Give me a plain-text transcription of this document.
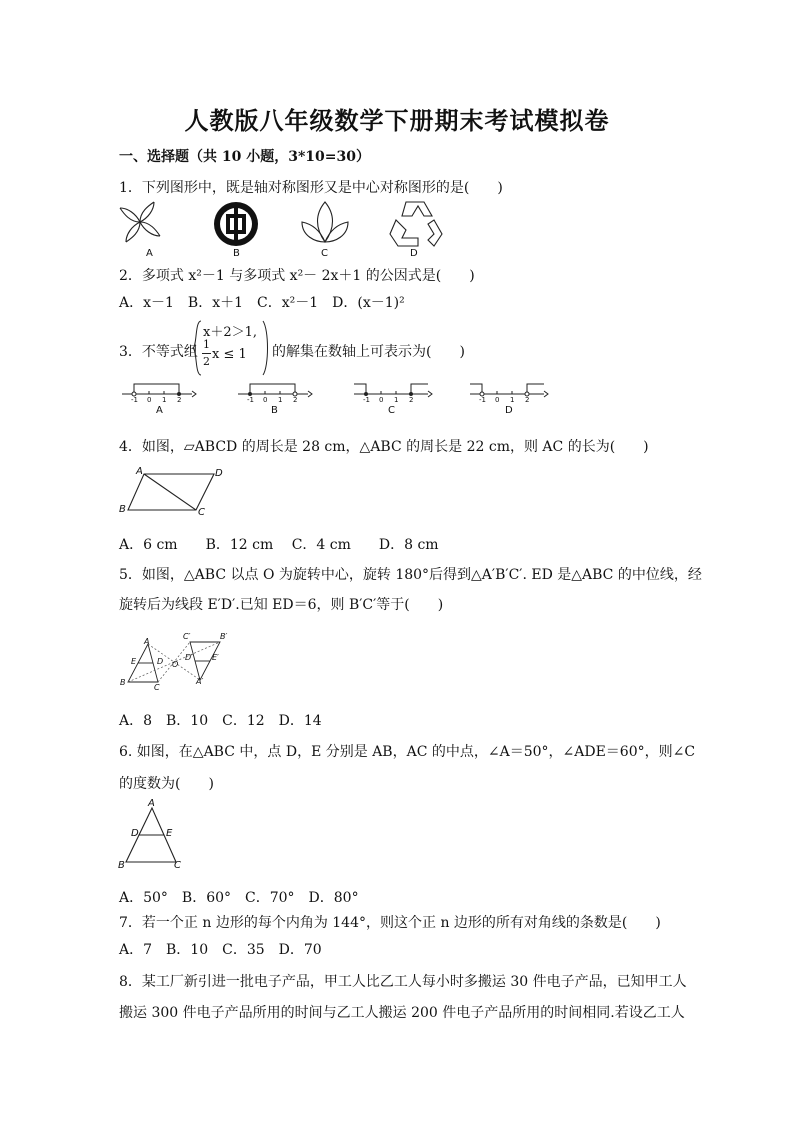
人教版八年级数学下册期末考试模拟卷
一、选择题（共 10 小题，3*10=30）
1．下列图形中，既是轴对称图形又是中心对称图形的是(　　)
A	B	C	D
2．多项式 x²－1 与多项式 x²－ 2x＋1 的公因式是(　　)
A．x－1　B．x＋1　C．x²－1　D．(x－1)²
3．不等式组
x＋2＞1,
1
2 x ≤ 1 的解集在数轴上可表示为(　　)
-1 0 1 2	-1 0 1 2	-1 0 1 2	-1 0 1 2
A	B	C	D
4．如图，▱ABCD 的周长是 28 cm，△ABC 的周长是 22 cm，则 AC 的长为(　　)
A	D
B	C
A．6 cm　　B．12 cm　 C．4 cm　　D．8 cm
5．如图，△ABC 以点 O 为旋转中心，旋转 180°后得到△A′B′C′. ED 是△ABC 的中位线，经
旋转后为线段 E′D′.已知 ED＝6，则 B′C′等于(　　)
A
E	D
B
C
O
C′
D′ E′
B′
A′
A．8　B．10　C．12　D．14
6. 如图，在△ABC 中，点 D，E 分别是 AB，AC 的中点，∠A＝50°，∠ADE＝60°，则∠C
的度数为(　　)
A
D	E
B	C
A．50°　B．60°　C．70°　D．80°
7．若一个正 n 边形的每个内角为 144°，则这个正 n 边形的所有对角线的条数是(　　)
A．7　B．10　C．35　D．70
8．某工厂新引进一批电子产品，甲工人比乙工人每小时多搬运 30 件电子产品，已知甲工人
搬运 300 件电子产品所用的时间与乙工人搬运 200 件电子产品所用的时间相同.若设乙工人
